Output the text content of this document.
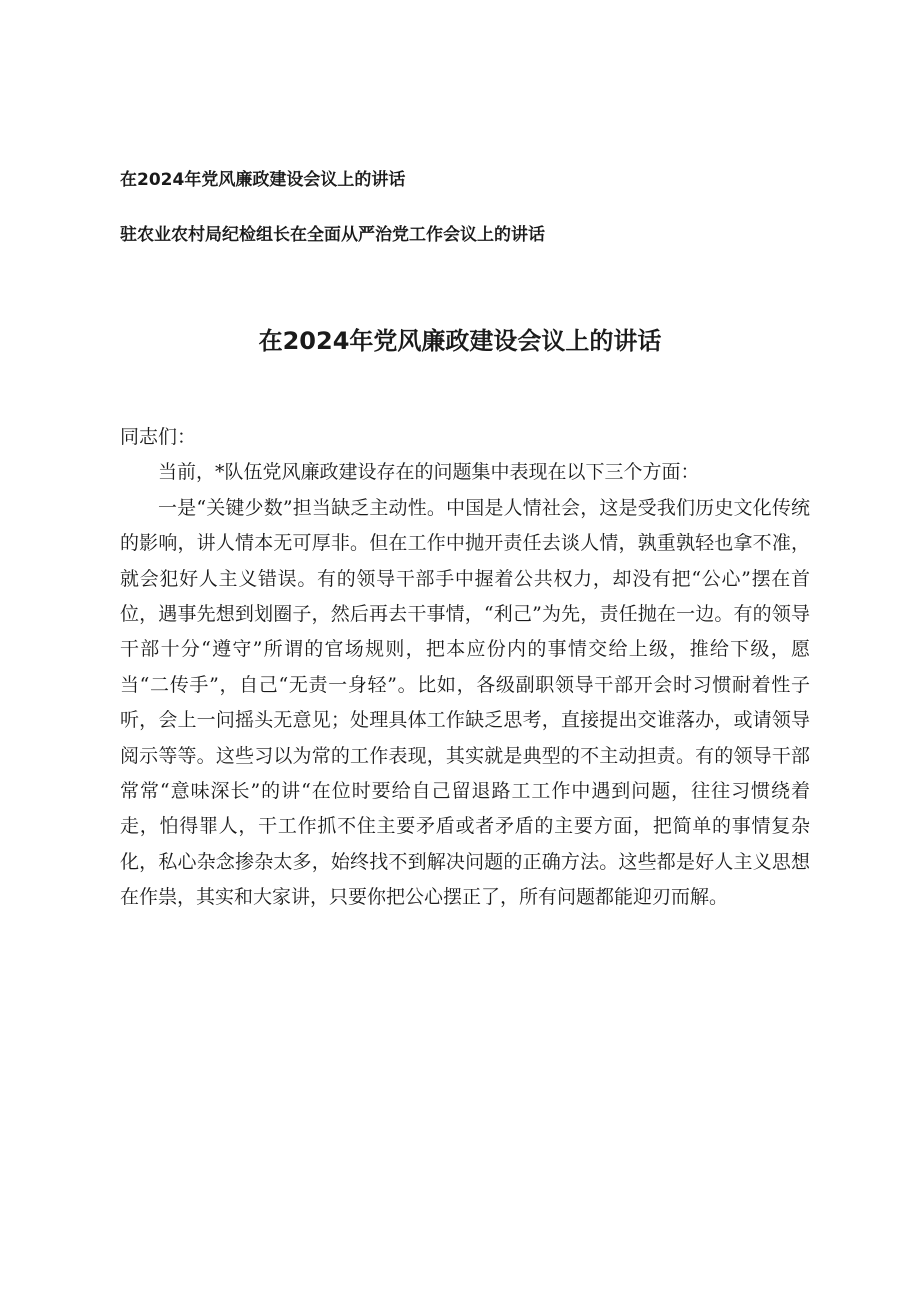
在2024年党风廉政建设会议上的讲话

驻农业农村局纪检组长在全面从严治党工作会议上的讲话

在2024年党风廉政建设会议上的讲话

同志们：

当前，*队伍党风廉政建设存在的问题集中表现在以下三个方面：

一是“关键少数”担当缺乏主动性。中国是人情社会，这是受我们历史文化传统的影响，讲人情本无可厚非。但在工作中抛开责任去谈人情，孰重孰轻也拿不准，就会犯好人主义错误。有的领导干部手中握着公共权力，却没有把“公心”摆在首位，遇事先想到划圈子，然后再去干事情，“利己”为先，责任抛在一边。有的领导干部十分“遵守”所谓的官场规则，把本应份内的事情交给上级，推给下级，愿当“二传手”，自己“无责一身轻”。比如，各级副职领导干部开会时习惯耐着性子听，会上一问摇头无意见；处理具体工作缺乏思考，直接提出交谁落办，或请领导阅示等等。这些习以为常的工作表现，其实就是典型的不主动担责。有的领导干部常常“意味深长”的讲“在位时要给自己留退路工工作中遇到问题，往往习惯绕着走，怕得罪人，干工作抓不住主要矛盾或者矛盾的主要方面，把简单的事情复杂化，私心杂念掺杂太多，始终找不到解决问题的正确方法。这些都是好人主义思想在作祟，其实和大家讲，只要你把公心摆正了，所有问题都能迎刃而解。
